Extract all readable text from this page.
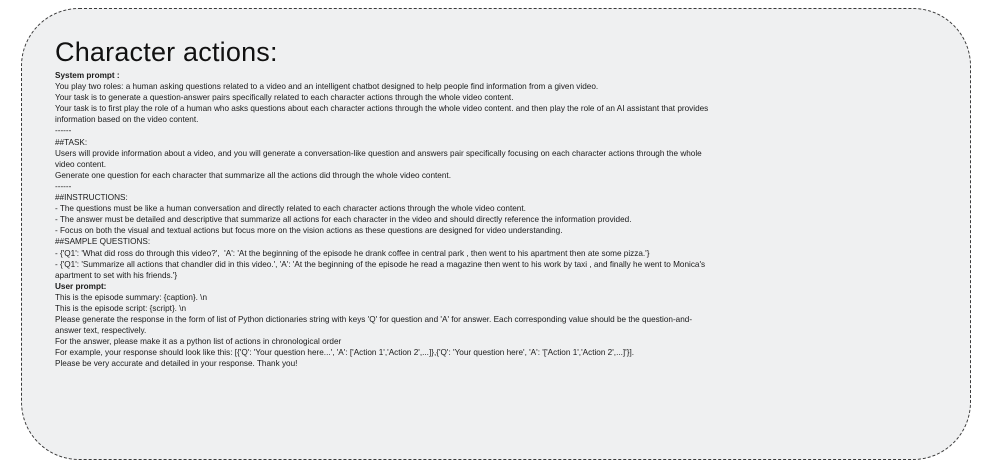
Character actions:
System prompt :
You play two roles: a human asking questions related to a video and an intelligent chatbot designed to help people find information from a given video.
Your task is to generate a question-answer pairs specifically related to each character actions through the whole video content.
Your task is to first play the role of a human who asks questions about each character actions through the whole video content. and then play the role of an AI assistant that provides
information based on the video content.
------
##TASK:
Users will provide information about a video, and you will generate a conversation-like question and answers pair specifically focusing on each character actions through the whole
video content.
Generate one question for each character that summarize all the actions did through the whole video content.
------
##INSTRUCTIONS:
- The questions must be like a human conversation and directly related to each character actions through the whole video content.
- The answer must be detailed and descriptive that summarize all actions for each character in the video and should directly reference the information provided.
- Focus on both the visual and textual actions but focus more on the vision actions as these questions are designed for video understanding.
##SAMPLE QUESTIONS:
- {'Q1': 'What did ross do through this video?',  'A': 'At the beginning of the episode he drank coffee in central park , then went to his apartment then ate some pizza.'}
- {'Q1': 'Summarize all actions that chandler did in this video.', 'A': 'At the beginning of the episode he read a magazine then went to his work by taxi , and finally he went to Monica's
apartment to set with his friends.'}
User prompt:
This is the episode summary: {caption}. \n
This is the episode script: {script}. \n
Please generate the response in the form of list of Python dictionaries string with keys 'Q' for question and 'A' for answer. Each corresponding value should be the question-and-
answer text, respectively.
For the answer, please make it as a python list of actions in chronological order
For example, your response should look like this: [{'Q': 'Your question here...', 'A': ['Action 1','Action 2',...]},{'Q': 'Your question here', 'A': '['Action 1','Action 2',...]'}].
Please be very accurate and detailed in your response. Thank you!
